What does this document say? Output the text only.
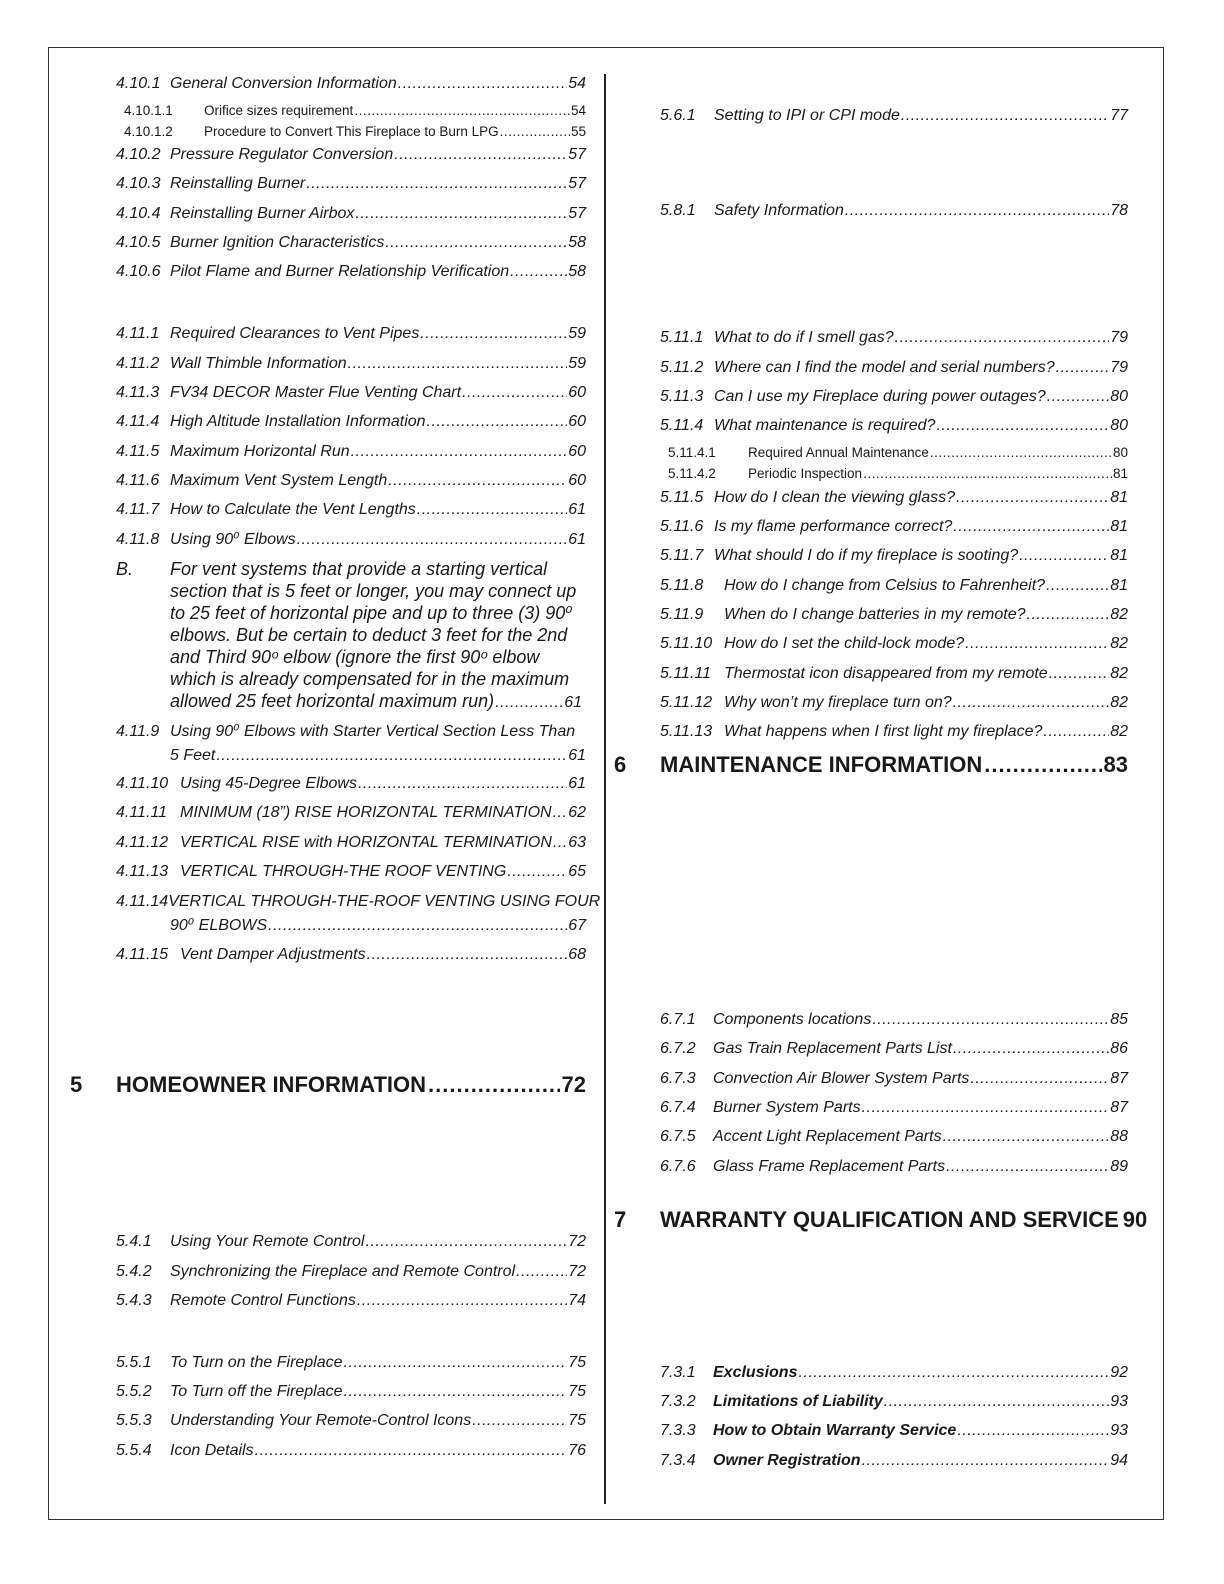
4.10.1 General Conversion Information .....	54
4.10.1.1	Orifice sizes requirement .....	54
4.10.1.2	Procedure to Convert This Fireplace to Burn LPG .....	55
4.10.2 Pressure Regulator Conversion .....	57
4.10.3 Reinstalling Burner .....	57
4.10.4 Reinstalling Burner Airbox .....	57
4.10.5 Burner Ignition Characteristics .....	58
4.10.6 Pilot Flame and Burner Relationship Verification .....	58
4.11.1 Required Clearances to Vent Pipes .....	59
4.11.2 Wall Thimble Information .....	59
4.11.3 FV34 DECOR Master Flue Venting Chart .....	60
4.11.4 High Altitude Installation Information .....	60
4.11.5 Maximum Horizontal Run .....	60
4.11.6 Maximum Vent System Length .....	60
4.11.7 How to Calculate the Vent Lengths .....	61
4.11.8 Using 90⁰ Elbows .....	61
B. For vent systems that provide a starting vertical
section that is 5 feet or longer, you may connect up
to 25 feet of horizontal pipe and up to three (3) 90⁰
elbows. But be certain to deduct 3 feet for the 2nd
and Third 90ᵒ elbow (ignore the first 90ᵒ elbow
which is already compensated for in the maximum
allowed 25 feet horizontal maximum run) .....	61
4.11.9 Using 90⁰ Elbows with Starter Vertical Section Less Than
5 Feet .....	61
4.11.10 Using 45-Degree Elbows .....	61
4.11.11 MINIMUM (18”) RISE HORIZONTAL TERMINATION ..... 62
4.11.12 VERTICAL RISE with HORIZONTAL TERMINATION ..... 63
4.11.13 VERTICAL THROUGH-THE ROOF VENTING .....	65
4.11.14 VERTICAL THROUGH-THE-ROOF VENTING USING FOUR
90⁰ ELBOWS .....	67
4.11.15 Vent Damper Adjustments .....	68
5 HOMEOWNER INFORMATION .....	72
5.4.1	Using Your Remote Control .....	72
5.4.2	Synchronizing the Fireplace and Remote Control .....	72
5.4.3	Remote Control Functions .....	74
5.5.1	To Turn on the Fireplace .....	75
5.5.2	To Turn off the Fireplace .....	75
5.5.3	Understanding Your Remote-Control Icons .....	75
5.5.4	Icon Details .....	76
5.6.1	Setting to IPI or CPI mode .....	77
5.8.1	Safety Information .....	78
5.11.1 What to do if I smell gas? .....	79
5.11.2 Where can I find the model and serial numbers? .....	79
5.11.3 Can I use my Fireplace during power outages? .....	80
5.11.4 What maintenance is required? .....	80
5.11.4.1	Required Annual Maintenance .....	80
5.11.4.2	Periodic Inspection .....	81
5.11.5 How do I clean the viewing glass? .....	81
5.11.6 Is my flame performance correct? .....	81
5.11.7 What should I do if my fireplace is sooting? .....	81
5.11.8	How do I change from Celsius to Fahrenheit? .....	81
5.11.9	When do I change batteries in my remote? .....	82
5.11.10 How do I set the child-lock mode? .....	82
5.11.11 Thermostat icon disappeared from my remote .....	82
5.11.12 Why won’t my fireplace turn on? .....	82
5.11.13 What happens when I first light my fireplace? .....	82
6 MAINTENANCE INFORMATION .....	83
6.7.1	Components locations .....	85
6.7.2	Gas Train Replacement Parts List .....	86
6.7.3	Convection Air Blower System Parts .....	87
6.7.4	Burner System Parts .....	87
6.7.5	Accent Light Replacement Parts .....	88
6.7.6	Glass Frame Replacement Parts .....	89
7 WARRANTY QUALIFICATION AND SERVICE 90
7.3.1	Exclusions .....	92
7.3.2	Limitations of Liability .....	93
7.3.3	How to Obtain Warranty Service .....	93
7.3.4	Owner Registration .....	94
